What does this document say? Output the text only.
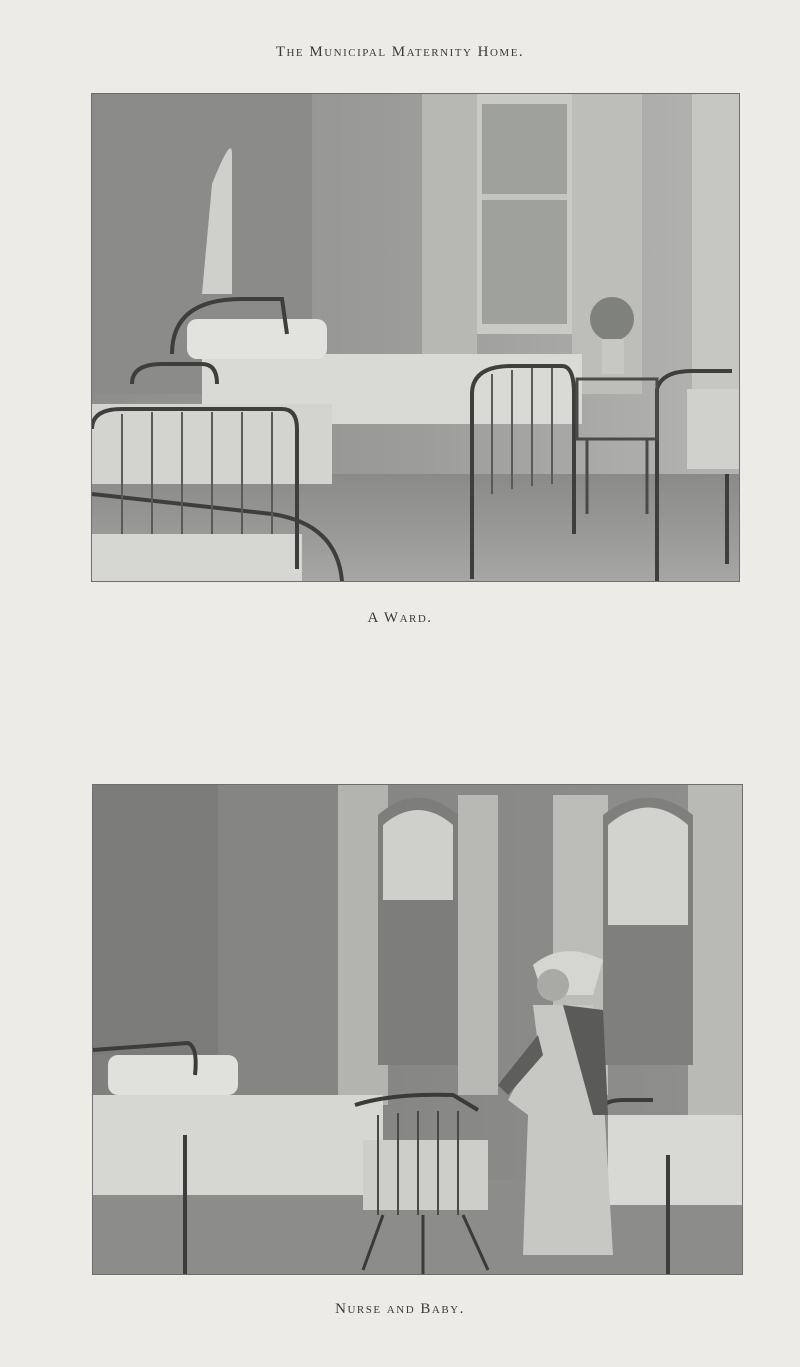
The Municipal Maternity Home.
A Ward.
Nurse and Baby.
